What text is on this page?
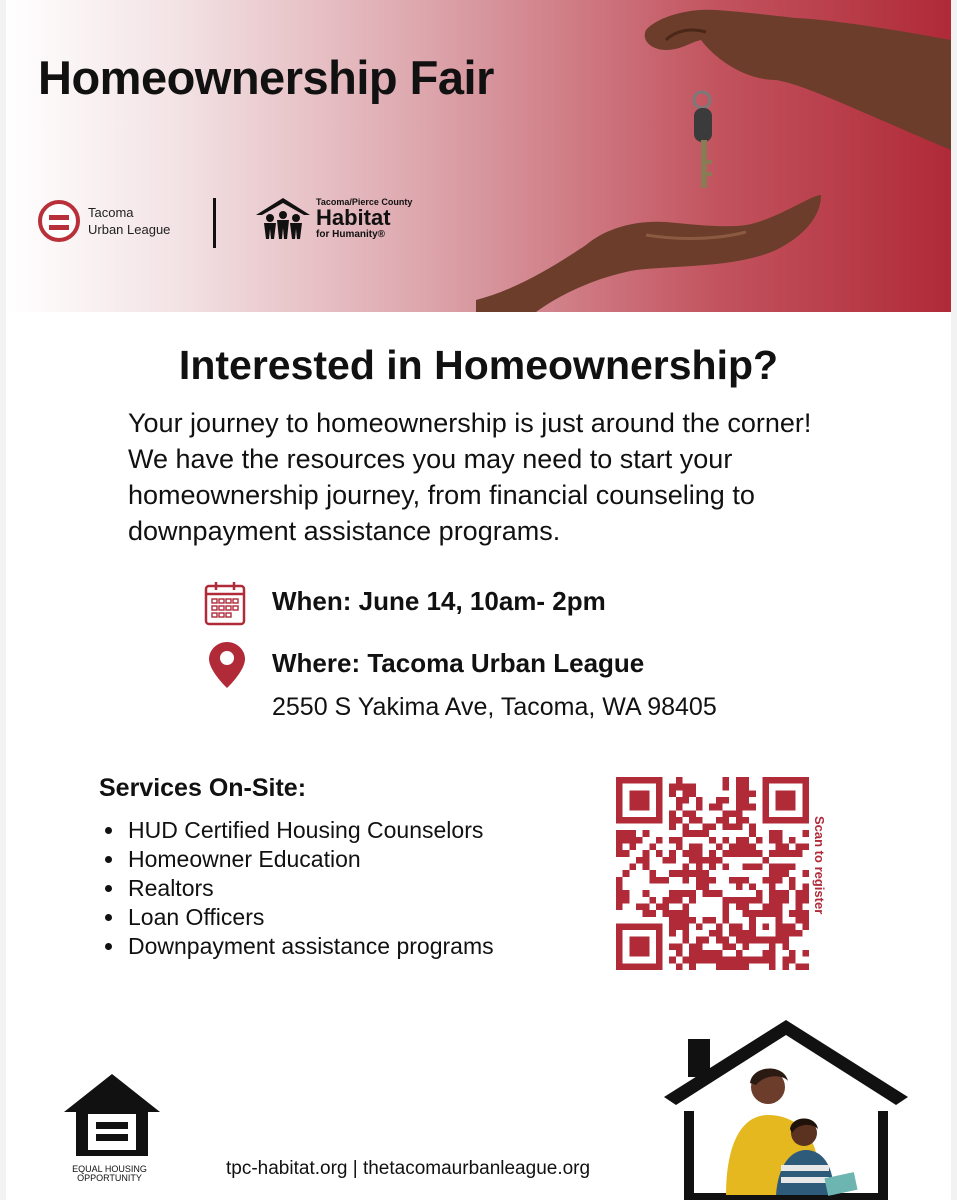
Homeownership Fair
Tacoma
Urban League
Tacoma/Pierce County
Habitat
for Humanity®
Interested in Homeownership?
Your journey to homeownership is just around the corner! We have the resources you may need to start your homeownership journey, from financial counseling to downpayment assistance programs.
When: June 14, 10am- 2pm
Where: Tacoma Urban League
2550 S Yakima Ave, Tacoma, WA 98405
Services On-Site:
• HUD Certified Housing Counselors
• Homeowner Education
• Realtors
• Loan Officers
• Downpayment assistance programs
Scan to register
EQUAL HOUSING
OPPORTUNITY	tpc-habitat.org | thetacomaurbanleague.org
